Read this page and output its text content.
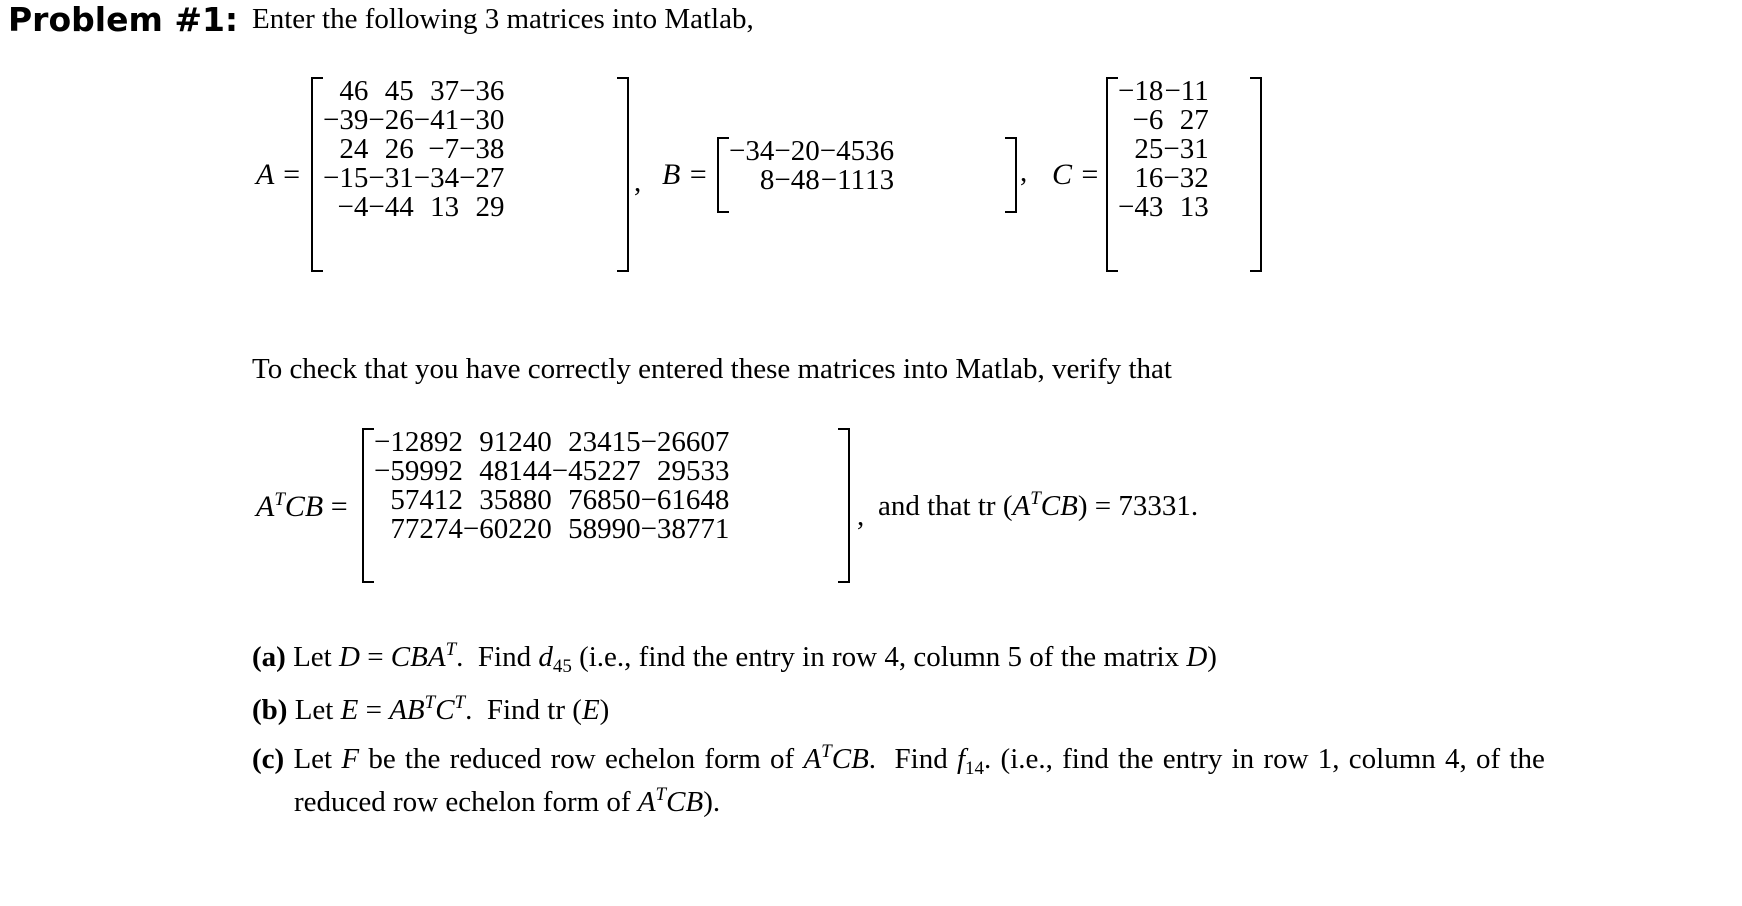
Problem #1: Enter the following 3 matrices into Matlab,
A =
46	45	37	−36
−39	−26	−41	−30
24	26	−7	−38
−15	−31	−34	−27
−4	−44	13	29
, B =
−34	−20	−45	36
8	−48	−11	13	, C =
−18	−11
−6	27
25	−31
16	−32
−43	13
To check that you have correctly entered these matrices into Matlab, verify that
$A^TCB$ =
−12892	91240	23415	−26607
−59992	48144	−45227	29533
57412	35880	76850	−61648
77274	−60220	58990	−38771	, and that tr $(A^TCB) = 73331$.
(a) Let $D = CBA^T$.  Find $d_{45}$ (i.e., find the entry in row 4, column 5 of the matrix D)
(b) Let $E = AB^TC^T$.  Find tr (E)
(c) Let F be the reduced row echelon form of $A^TCB$.  Find $f_{14}$. (i.e., find the entry in row 1, column 4, of the
reduced row echelon form of $A^TCB$).
